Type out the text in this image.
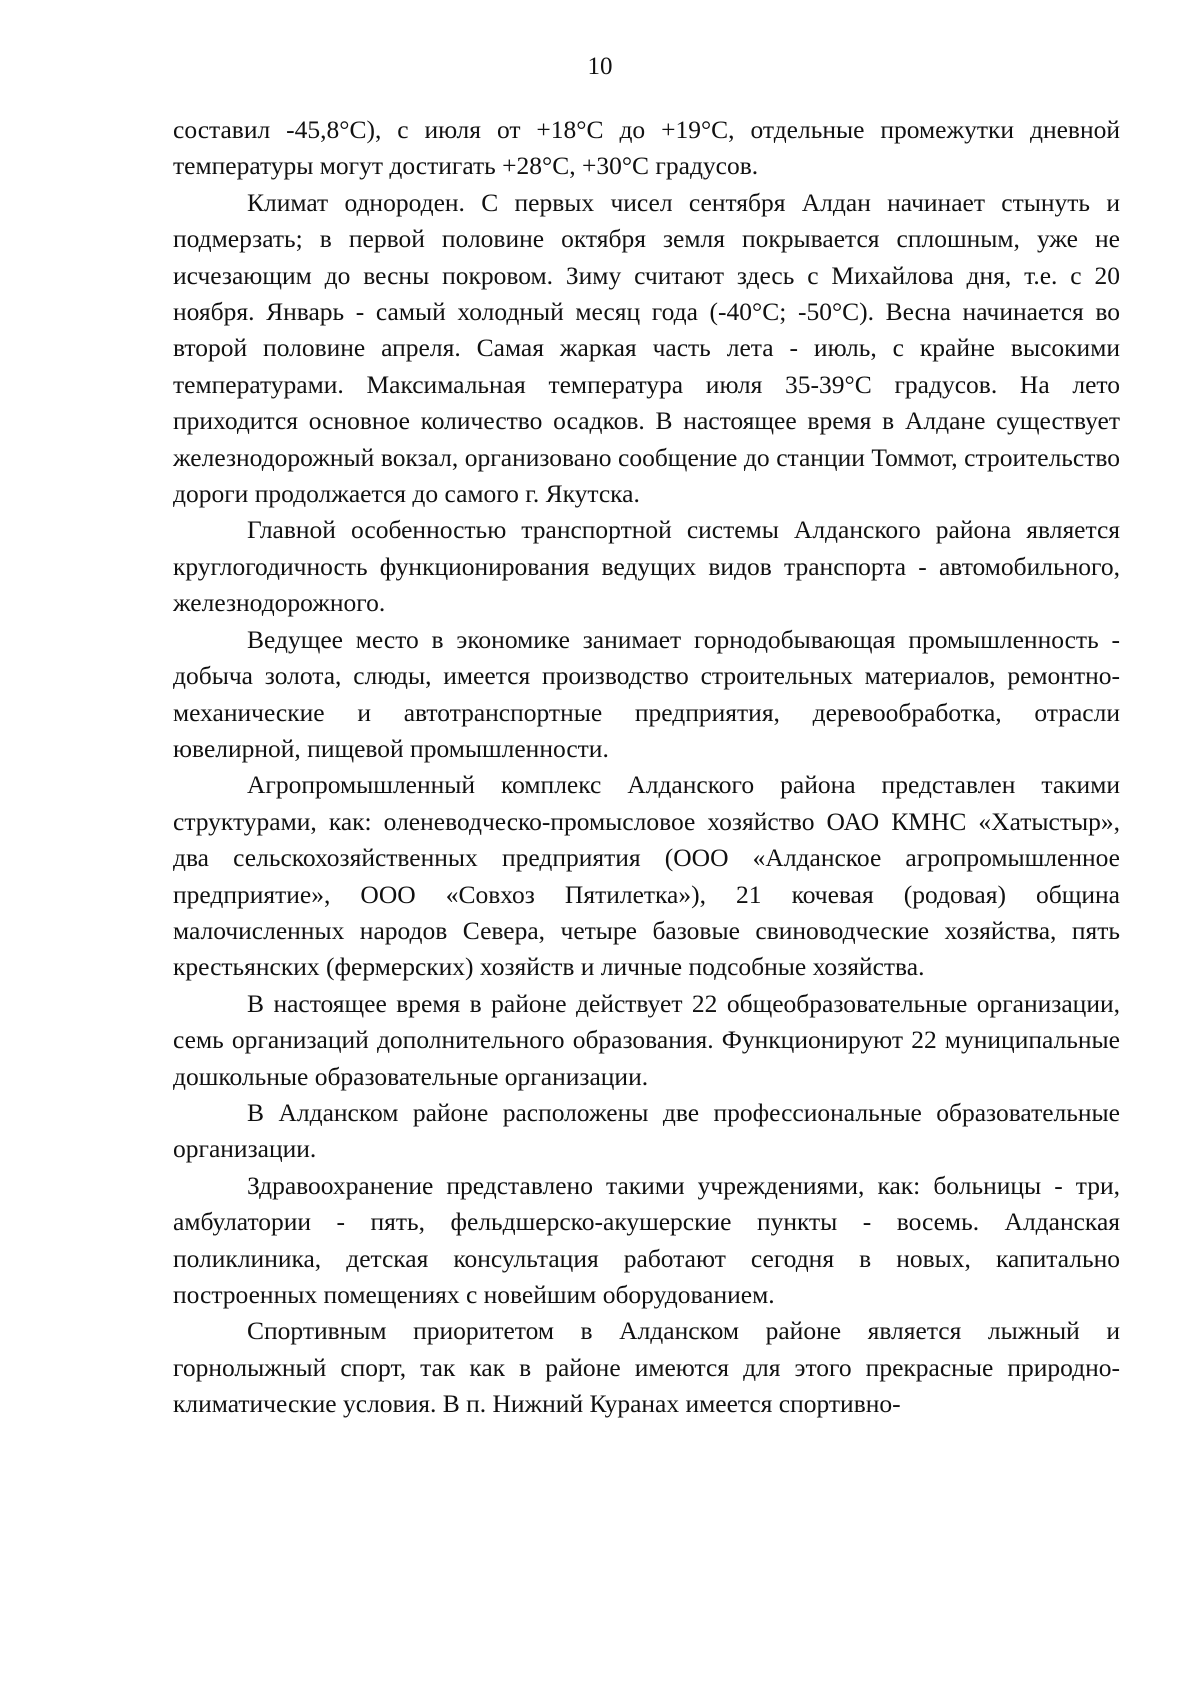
10

составил -45,8°С), с июля от +18°С до +19°С, отдельные промежутки дневной температуры могут достигать +28°С, +30°С градусов.

Климат однороден. С первых чисел сентября Алдан начинает стынуть и подмерзать; в первой половине октября земля покрывается сплошным, уже не исчезающим до весны покровом. Зиму считают здесь с Михайлова дня, т.е. с 20 ноября. Январь - самый холодный месяц года (-40°С; -50°С). Весна начинается во второй половине апреля. Самая жаркая часть лета - июль, с крайне высокими температурами. Максимальная температура июля 35-39°С градусов. На лето приходится основное количество осадков. В настоящее время в Алдане существует железнодорожный вокзал, организовано сообщение до станции Томмот, строительство дороги продолжается до самого г. Якутска.

Главной особенностью транспортной системы Алданского района является круглогодичность функционирования ведущих видов транспорта - автомобильного, железнодорожного.

Ведущее место в экономике занимает горнодобывающая промышленность - добыча золота, слюды, имеется производство строительных материалов, ремонтно-механические и автотранспортные предприятия, деревообработка, отрасли ювелирной, пищевой промышленности.

Агропромышленный комплекс Алданского района представлен такими структурами, как: оленеводческо-промысловое хозяйство ОАО КМНС «Хатыстыр», два сельскохозяйственных предприятия (ООО «Алданское агропромышленное предприятие», ООО «Совхоз Пятилетка»), 21 кочевая (родовая) община малочисленных народов Севера, четыре базовые свиноводческие хозяйства, пять крестьянских (фермерских) хозяйств и личные подсобные хозяйства.

В настоящее время в районе действует 22 общеобразовательные организации, семь организаций дополнительного образования. Функционируют 22 муниципальные дошкольные образовательные организации.

В Алданском районе расположены две профессиональные образовательные организации.

Здравоохранение представлено такими учреждениями, как: больницы - три, амбулатории - пять, фельдшерско-акушерские пункты - восемь. Алданская поликлиника, детская консультация работают сегодня в новых, капитально построенных помещениях с новейшим оборудованием.

Спортивным приоритетом в Алданском районе является лыжный и горнолыжный спорт, так как в районе имеются для этого прекрасные природно-климатические условия. В п. Нижний Куранах имеется спортивно-
